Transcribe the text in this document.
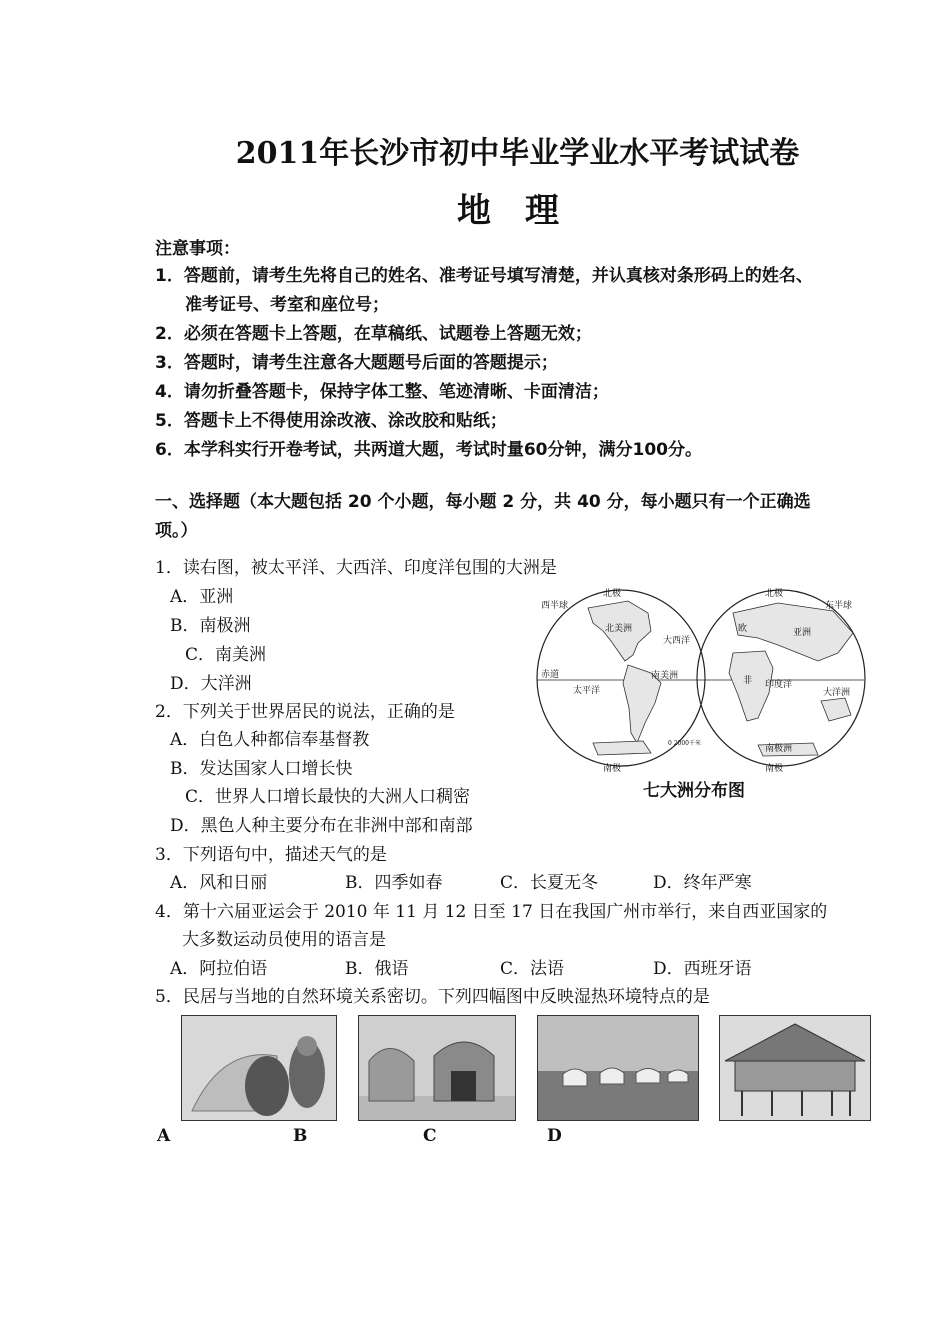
2011年长沙市初中毕业学业水平考试试卷
地理
注意事项：
1．答题前，请考生先将自己的姓名、准考证号填写清楚，并认真核对条形码上的姓名、
准考证号、考室和座位号；
2．必须在答题卡上答题，在草稿纸、试题卷上答题无效；
3．答题时，请考生注意各大题题号后面的答题提示；
4．请勿折叠答题卡，保持字体工整、笔迹清晰、卡面清洁；
5．答题卡上不得使用涂改液、涂改胶和贴纸；
6．本学科实行开卷考试，共两道大题，考试时量60分钟，满分100分。
一、选择题（本大题包括 20 个小题，每小题 2 分，共 40 分，每小题只有一个正确选
项。）
1．读右图，被太平洋、大西洋、印度洋包围的大洲是
A．亚洲
B．南极洲
C．南美洲
D．大洋洲
2．下列关于世界居民的说法，正确的是
A．白色人种都信奉基督教
B．发达国家人口增长快
C．世界人口增长最快的大洲人口稠密
D．黑色人种主要分布在非洲中部和南部
3．下列语句中，描述天气的是
A．风和日丽	B．四季如春	C．长夏无冬	D．终年严寒
4．第十六届亚运会于 2010 年 11 月 12 日至 17 日在我国广州市举行，来自西亚国家的
大多数运动员使用的语言是
A．阿拉伯语	B．俄语	C．法语	D．西班牙语
5．民居与当地的自然环境关系密切。下列四幅图中反映湿热环境特点的是
北极	北极
西半球	东半球
北美洲
南美洲
太平洋
大西洋
印度洋
亚洲
欧
非
大洋洲
南极洲
赤道
南极	南极
0 2000千米
七大洲分布图
A	B	C	D
